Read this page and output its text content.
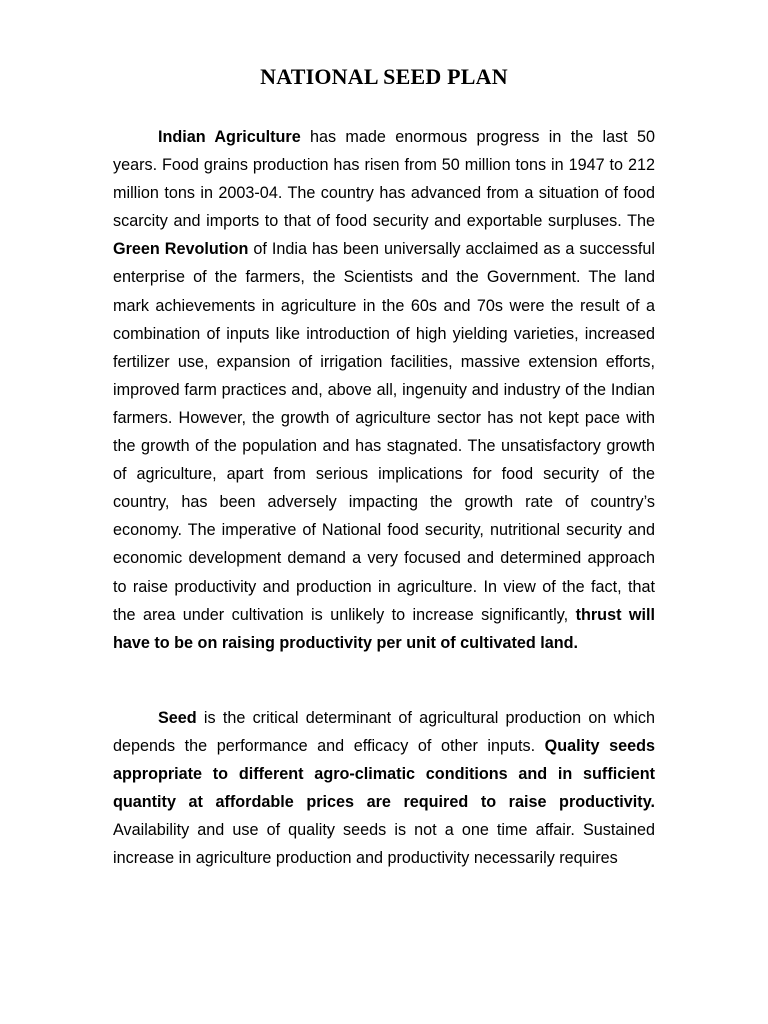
NATIONAL SEED PLAN

Indian Agriculture has made enormous progress in the last 50 years. Food grains production has risen from 50 million tons in 1947 to 212 million tons in 2003-04. The country has advanced from a situation of food scarcity and imports to that of food security and exportable surpluses. The Green Revolution of India has been universally acclaimed as a successful enterprise of the farmers, the Scientists and the Government. The land mark achievements in agriculture in the 60s and 70s were the result of a combination of inputs like introduction of high yielding varieties, increased fertilizer use, expansion of irrigation facilities, massive extension efforts, improved farm practices and, above all, ingenuity and industry of the Indian farmers. However, the growth of agriculture sector has not kept pace with the growth of the population and has stagnated. The unsatisfactory growth of agriculture, apart from serious implications for food security of the country, has been adversely impacting the growth rate of country’s economy. The imperative of National food security, nutritional security and economic development demand a very focused and determined approach to raise productivity and production in agriculture. In view of the fact, that the area under cultivation is unlikely to increase significantly, thrust will have to be on raising productivity per unit of cultivated land.

Seed is the critical determinant of agricultural production on which depends the performance and efficacy of other inputs. Quality seeds appropriate to different agro-climatic conditions and in sufficient quantity at affordable prices are required to raise productivity. Availability and use of quality seeds is not a one time affair. Sustained increase in agriculture production and productivity necessarily requires
